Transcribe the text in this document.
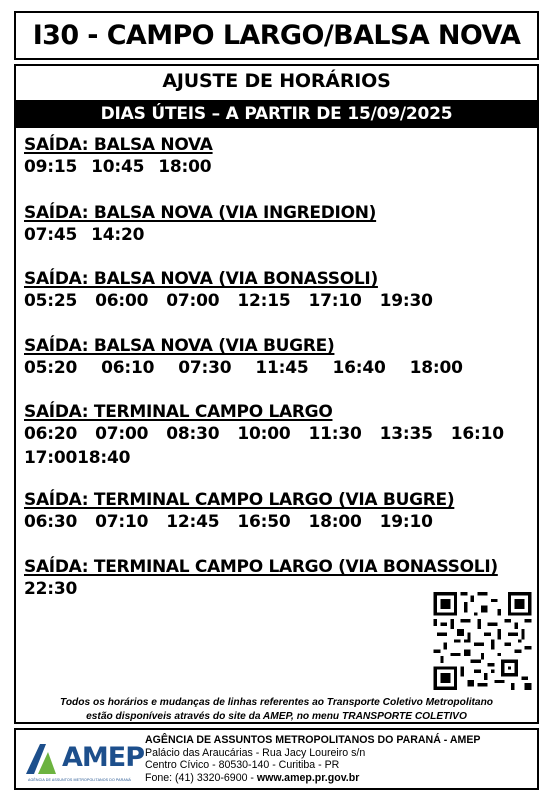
I30 - CAMPO LARGO/BALSA NOVA
AJUSTE DE HORÁRIOS
DIAS ÚTEIS – A PARTIR DE 15/09/2025
SAÍDA: BALSA NOVA
09:15 10:45 18:00
SAÍDA: BALSA NOVA (VIA INGREDION)
07:45 14:20
SAÍDA: BALSA NOVA (VIA BONASSOLI)
05:25 06:00 07:00 12:15 17:10 19:30
SAÍDA: BALSA NOVA (VIA BUGRE)
05:20 06:10 07:30 11:45 16:40 18:00
SAÍDA: TERMINAL CAMPO LARGO
06:20 07:00 08:30 10:00 11:30 13:35 16:10
17:00 18:40
SAÍDA: TERMINAL CAMPO LARGO (VIA BUGRE)
06:30 07:10 12:45 16:50 18:00 19:10
SAÍDA: TERMINAL CAMPO LARGO (VIA BONASSOLI)
22:30
Todos os horários e mudanças de linhas referentes ao Transporte Coletivo Metropolitano
estão disponíveis através do site da AMEP, no menu TRANSPORTE COLETIVO
AMEP
AGÊNCIA DE ASSUNTOS METROPOLITANOS DO PARANÁ
AGÊNCIA DE ASSUNTOS METROPOLITANOS DO PARANÁ - AMEP
Palácio das Araucárias - Rua Jacy Loureiro s/n
Centro Cívico - 80530-140 - Curitiba - PR
Fone: (41) 3320-6900 - www.amep.pr.gov.br
